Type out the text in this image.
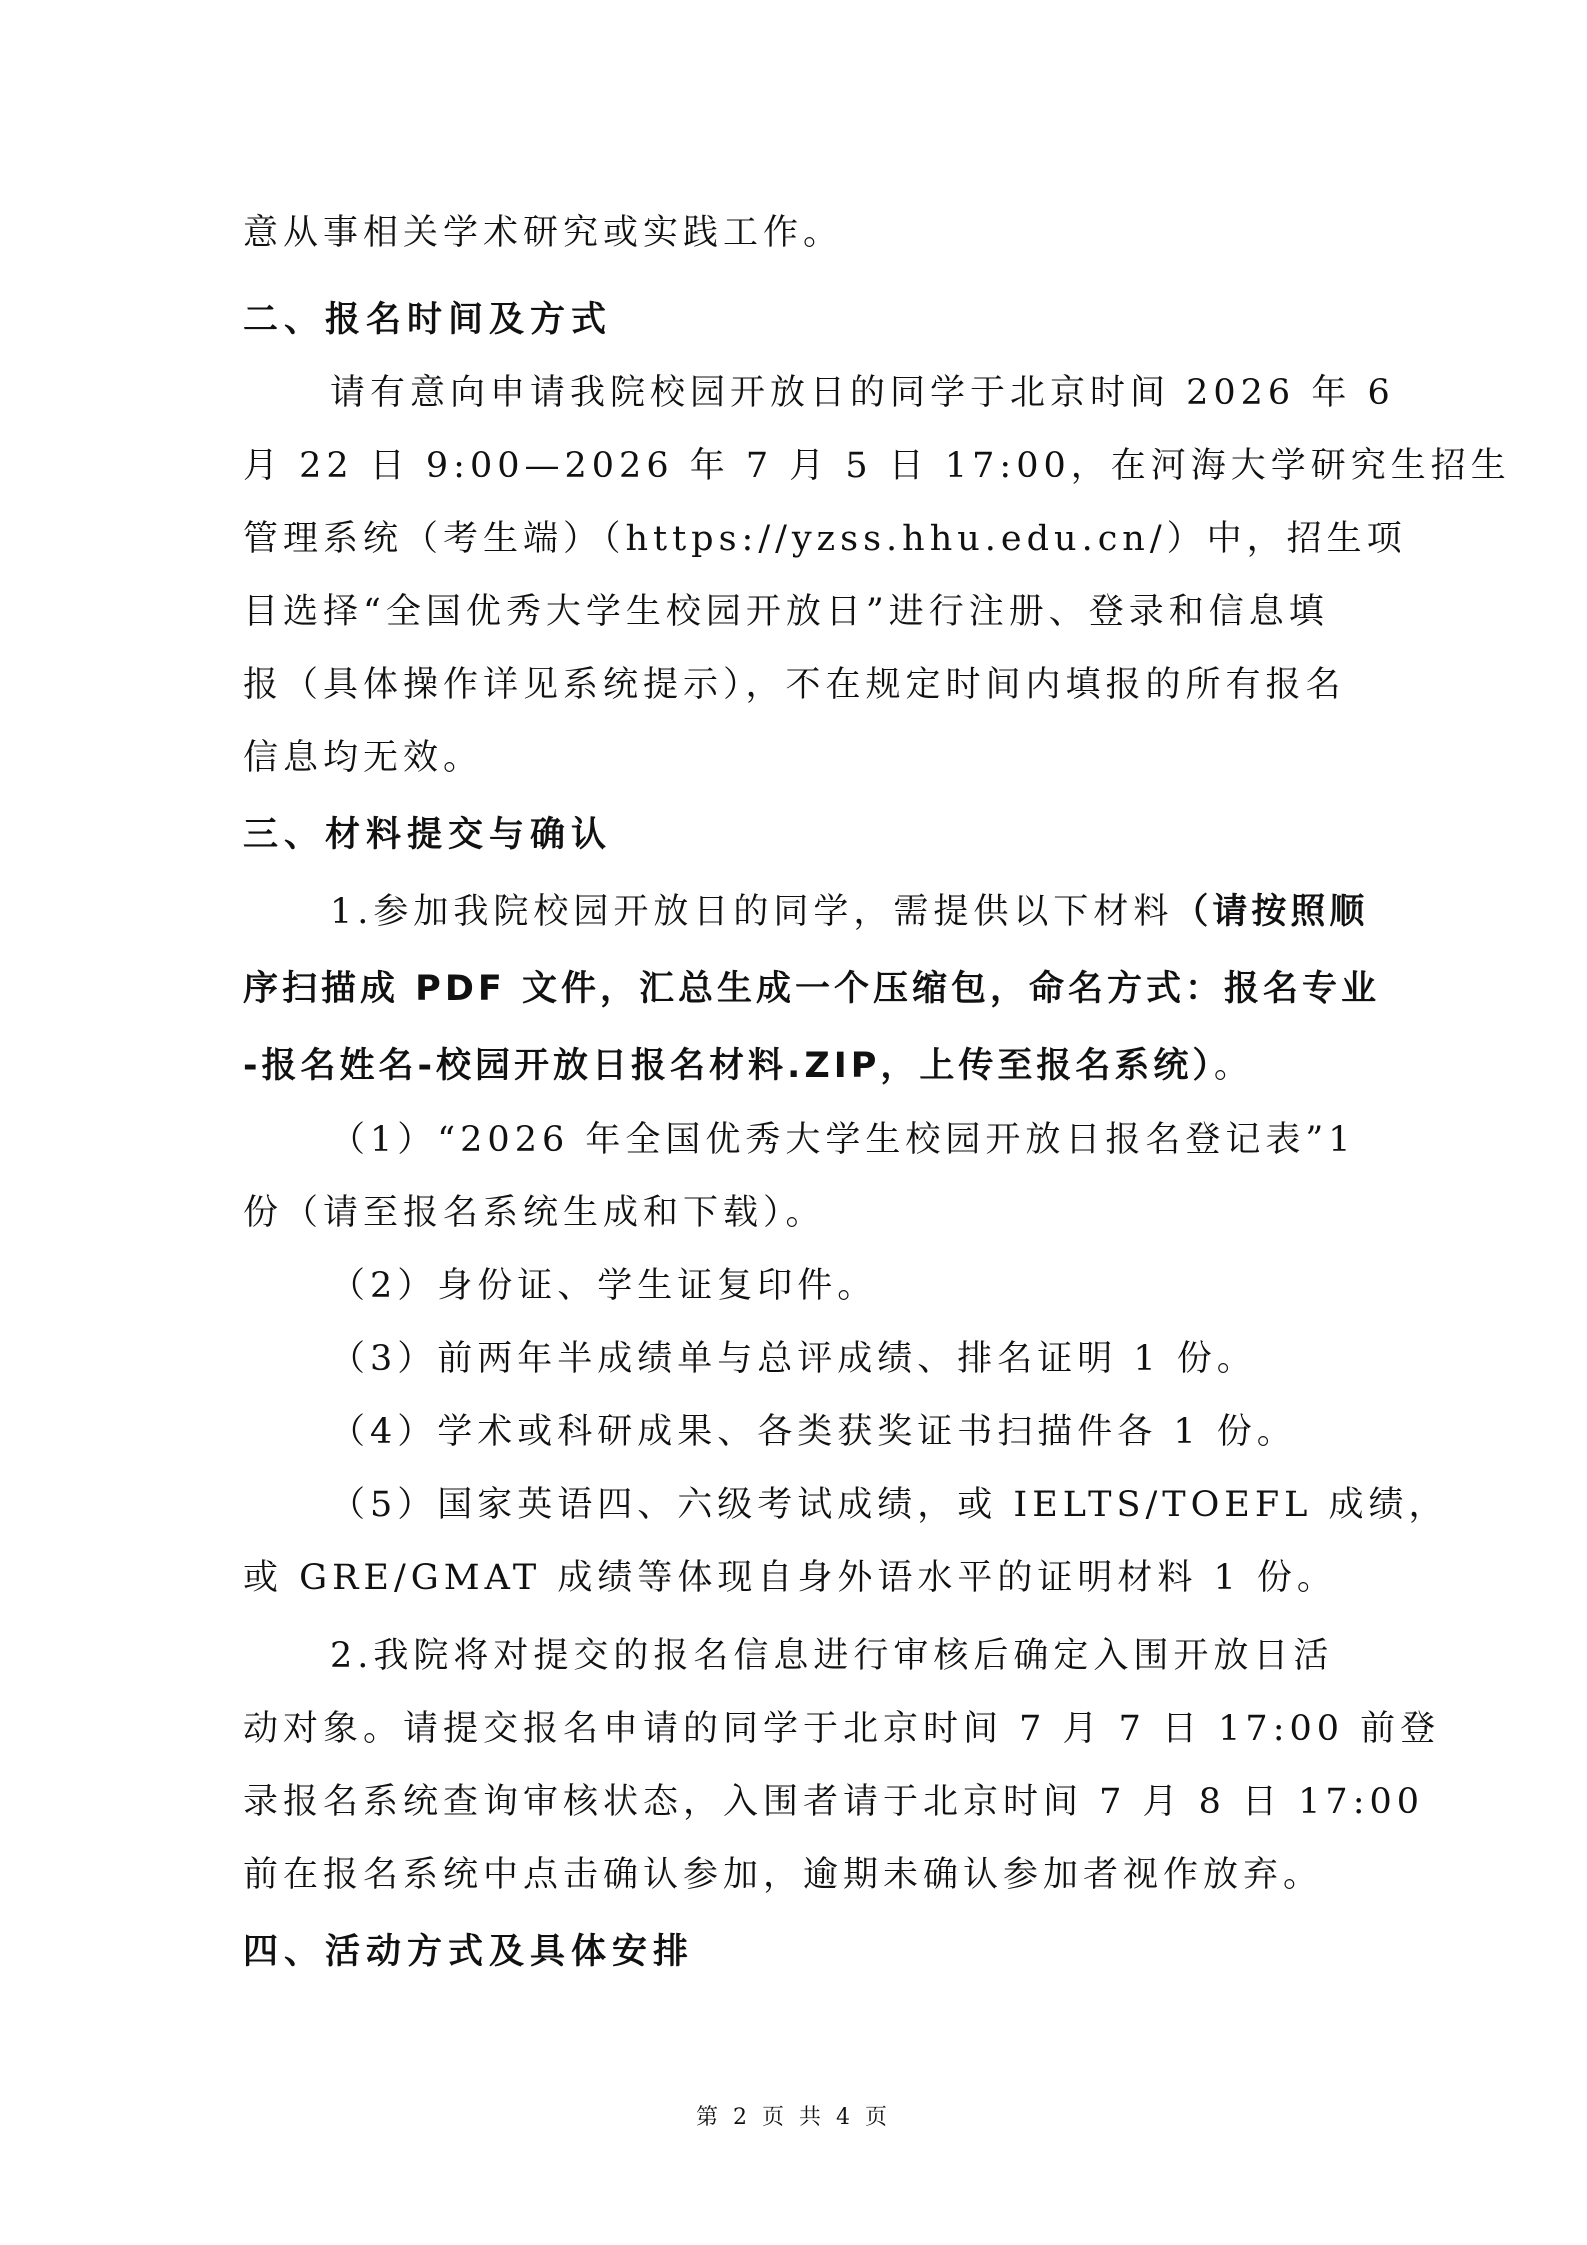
意从事相关学术研究或实践工作。
二、报名时间及方式
请有意向申请我院校园开放日的同学于北京时间 2026 年 6
月 22 日 9:00—2026 年 7 月 5 日 17:00，在河海大学研究生招生
管理系统（考生端）（https://yzss.hhu.edu.cn/）中，招生项
目选择“全国优秀大学生校园开放日”进行注册、登录和信息填
报（具体操作详见系统提示），不在规定时间内填报的所有报名
信息均无效。
三、材料提交与确认
1.参加我院校园开放日的同学，需提供以下材料（请按照顺
序扫描成 PDF 文件，汇总生成一个压缩包，命名方式：报名专业
-报名姓名-校园开放日报名材料.ZIP，上传至报名系统）。
（1）“2026 年全国优秀大学生校园开放日报名登记表”1
份（请至报名系统生成和下载）。
（2）身份证、学生证复印件。
（3）前两年半成绩单与总评成绩、排名证明 1 份。
（4）学术或科研成果、各类获奖证书扫描件各 1 份。
（5）国家英语四、六级考试成绩，或 IELTS/TOEFL 成绩，
或 GRE/GMAT 成绩等体现自身外语水平的证明材料 1 份。
2.我院将对提交的报名信息进行审核后确定入围开放日活
动对象。请提交报名申请的同学于北京时间 7 月 7 日 17:00 前登
录报名系统查询审核状态，入围者请于北京时间 7 月 8 日 17:00
前在报名系统中点击确认参加，逾期未确认参加者视作放弃。
四、活动方式及具体安排
第 2 页 共 4 页
